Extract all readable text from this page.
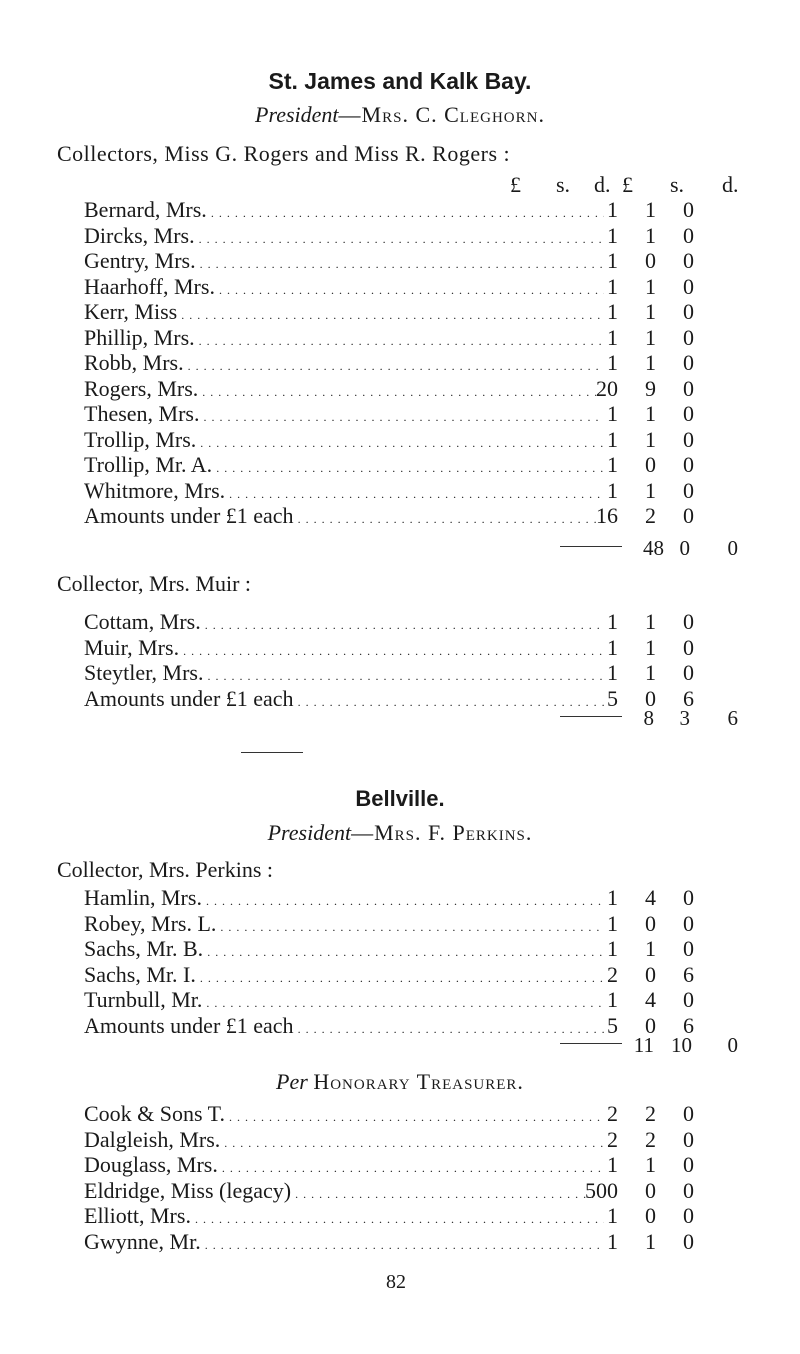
St. James and Kalk Bay.
President—Mrs. C. Cleghorn.
Collectors, Miss G. Rogers and Miss R. Rogers :
£ s. d. £ s. d.
Bernard, Mrs. . . .	1	1	0
Dircks, Mrs. . . .	1	1	0
Gentry, Mrs. . . .	1	0	0
Haarhoff, Mrs. . . .	1	1	0
Kerr, Miss . . .	1	1	0
Phillip, Mrs. . . .	1	1	0
Robb, Mrs. . . .	1	1	0
Rogers, Mrs. . . .	20	9	0
Thesen, Mrs. . . .	1	1	0
Trollip, Mrs. . . .	1	1	0
Trollip, Mr. A. . . .	1	0	0
Whitmore, Mrs. . . .	1	1	0
Amounts under £1 each . . .	16	2	0
48 0 0
Collector, Mrs. Muir :
Cottam, Mrs. . . .	1	1	0
Muir, Mrs. . . .	1	1	0
Steytler, Mrs. . . .	1	1	0
Amounts under £1 each . . .	5	0	6
8 3 6
Bellville.
President—Mrs. F. Perkins.
Collector, Mrs. Perkins :
Hamlin, Mrs. . . .	1	4	0
Robey, Mrs. L. . . .	1	0	0
Sachs, Mr. B. . . .	1	1	0
Sachs, Mr. I. . . .	2	0	6
Turnbull, Mr. . . .	1	4	0
Amounts under £1 each . . .	5	0	6
11 10 0
Per Honorary Treasurer.
Cook & Sons T. . . .	2	2	0
Dalgleish, Mrs. . . .	2	2	0
Douglass, Mrs. . . .	1	1	0
Eldridge, Miss (legacy) . . .	500	0	0
Elliott, Mrs. . . .	1	0	0
Gwynne, Mr. . . .	1	1	0
82
